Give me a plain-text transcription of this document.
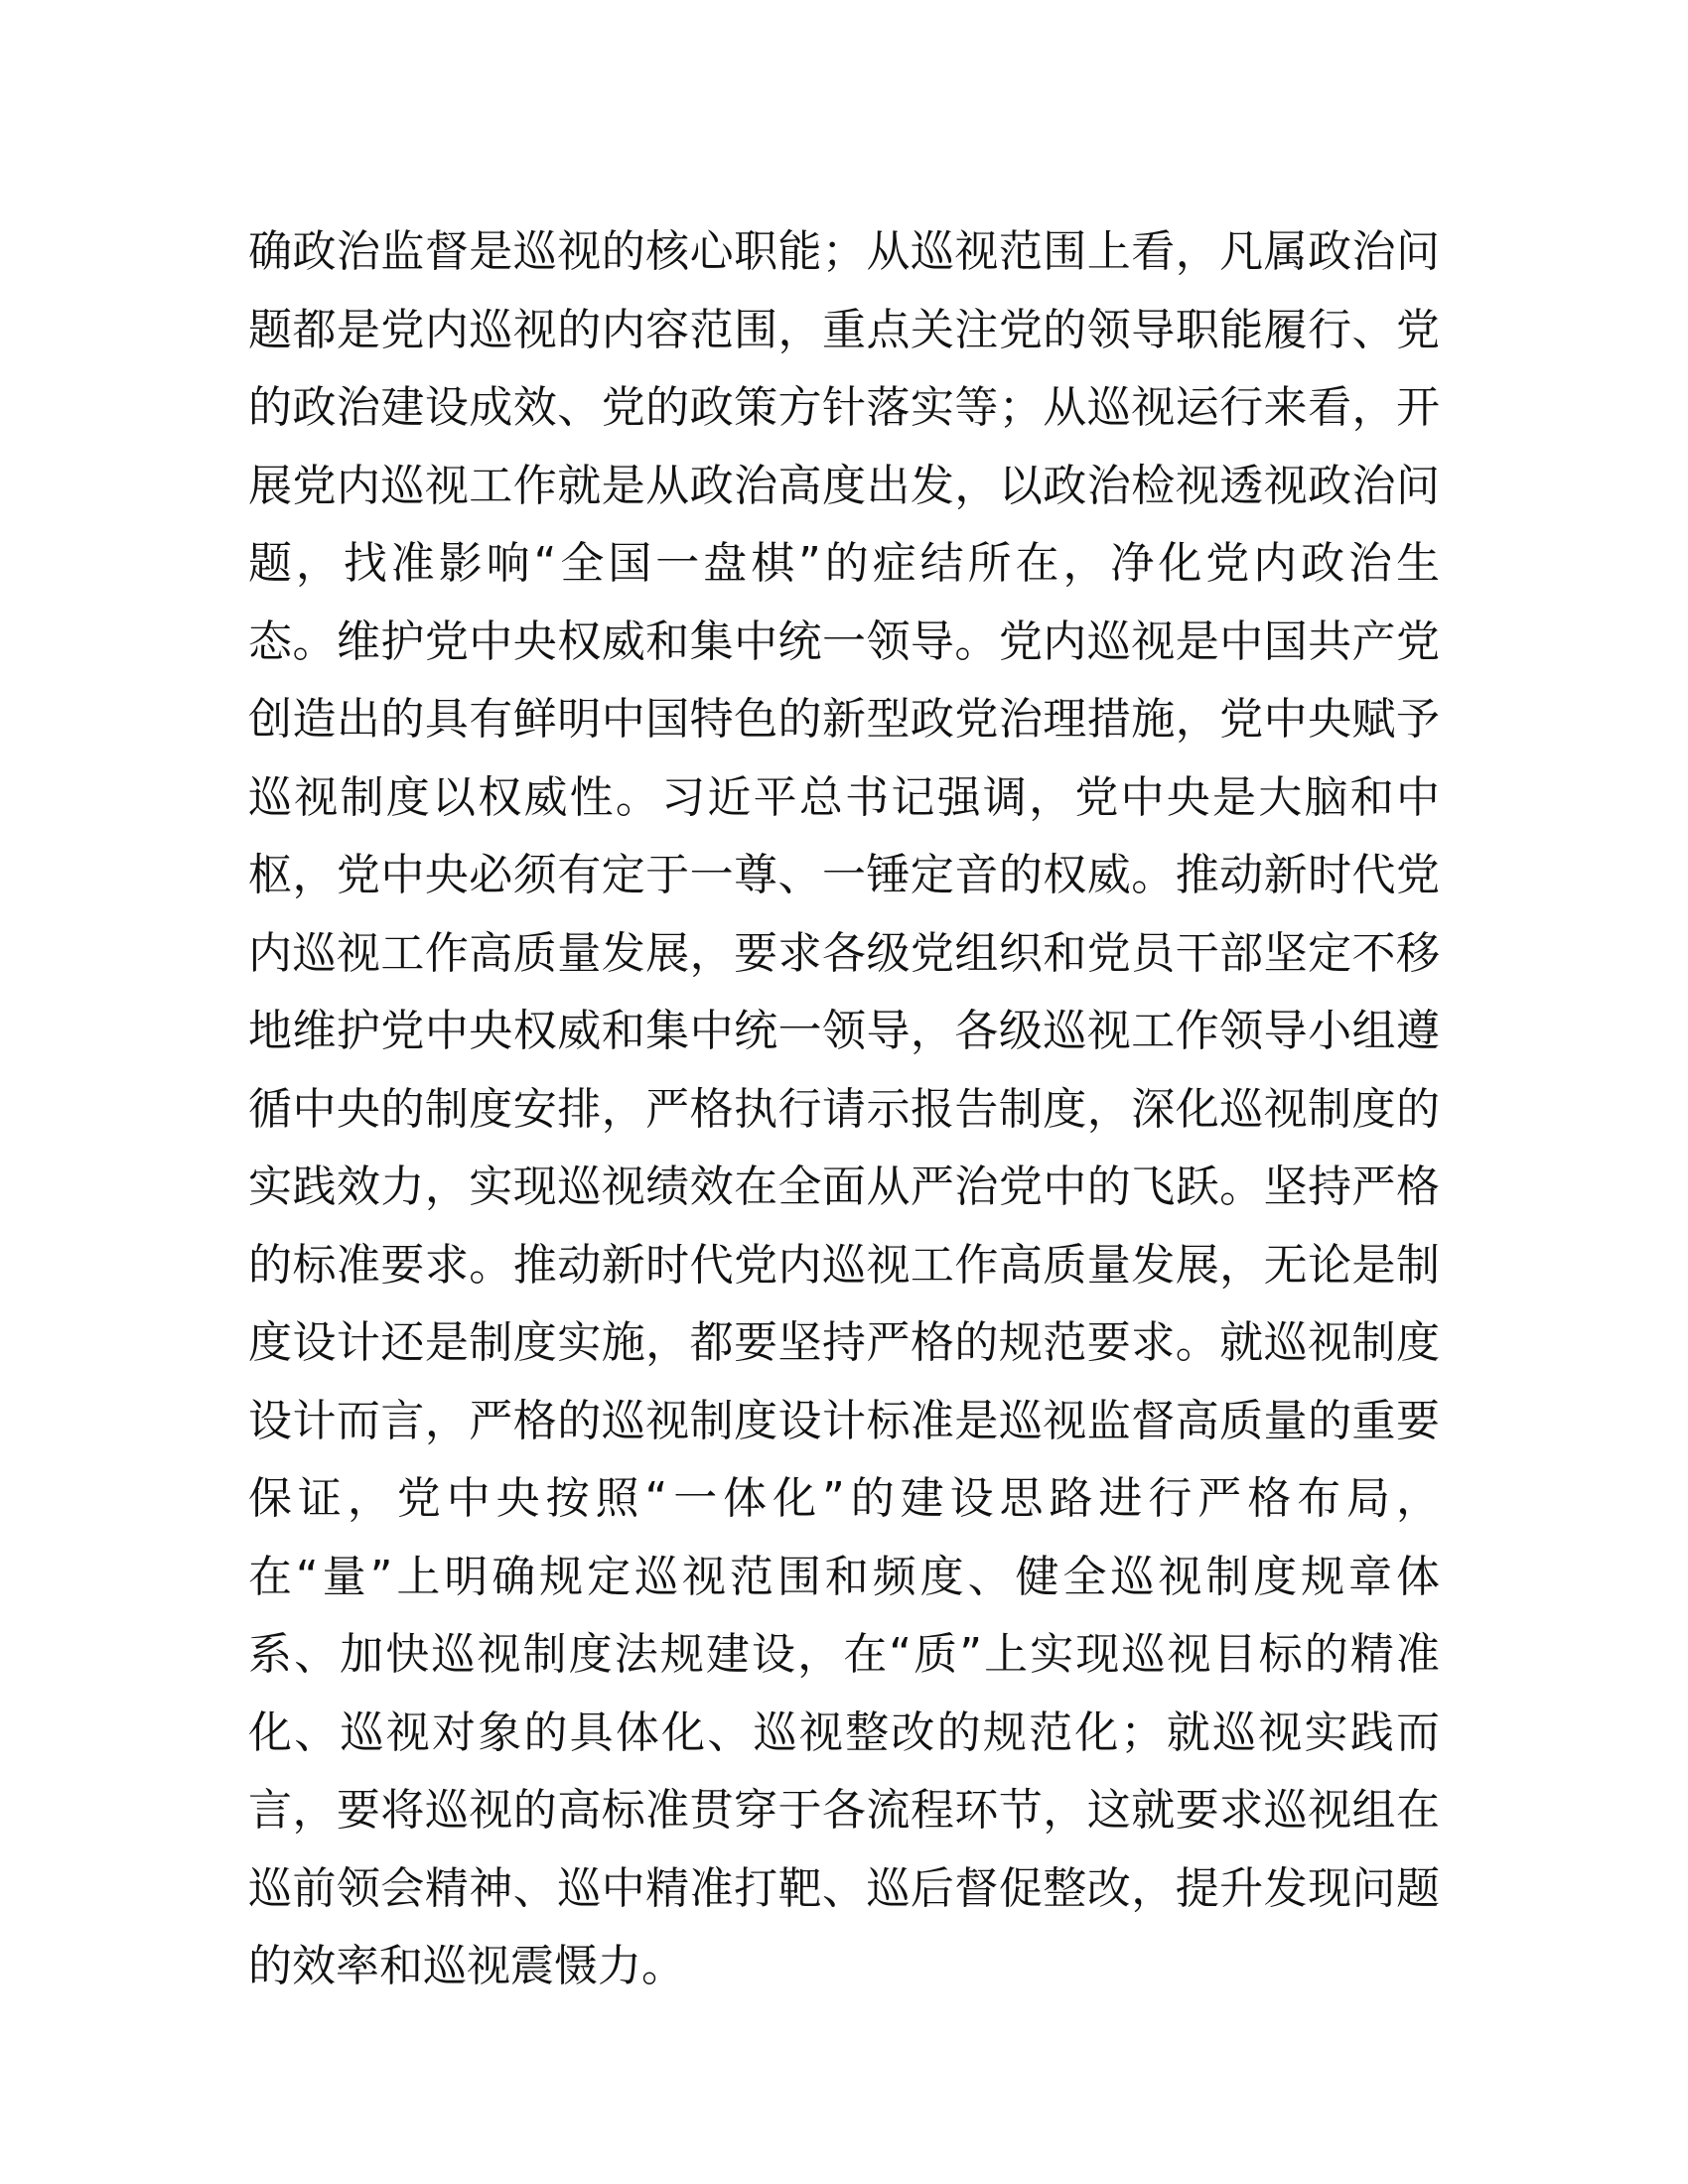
确政治监督是巡视的核心职能；从巡视范围上看，凡属政治问
题都是党内巡视的内容范围，重点关注党的领导职能履行、党
的政治建设成效、党的政策方针落实等；从巡视运行来看，开
展党内巡视工作就是从政治高度出发，以政治检视透视政治问
题，找准影响“全国一盘棋”的症结所在，净化党内政治生
态。维护党中央权威和集中统一领导。党内巡视是中国共产党
创造出的具有鲜明中国特色的新型政党治理措施，党中央赋予
巡视制度以权威性。习近平总书记强调，党中央是大脑和中
枢，党中央必须有定于一尊、一锤定音的权威。推动新时代党
内巡视工作高质量发展，要求各级党组织和党员干部坚定不移
地维护党中央权威和集中统一领导，各级巡视工作领导小组遵
循中央的制度安排，严格执行请示报告制度，深化巡视制度的
实践效力，实现巡视绩效在全面从严治党中的飞跃。坚持严格
的标准要求。推动新时代党内巡视工作高质量发展，无论是制
度设计还是制度实施，都要坚持严格的规范要求。就巡视制度
设计而言，严格的巡视制度设计标准是巡视监督高质量的重要
保证，党中央按照“一体化”的建设思路进行严格布局，
在“量”上明确规定巡视范围和频度、健全巡视制度规章体
系、加快巡视制度法规建设，在“质”上实现巡视目标的精准
化、巡视对象的具体化、巡视整改的规范化；就巡视实践而
言，要将巡视的高标准贯穿于各流程环节，这就要求巡视组在
巡前领会精神、巡中精准打靶、巡后督促整改，提升发现问题
的效率和巡视震慑力。
